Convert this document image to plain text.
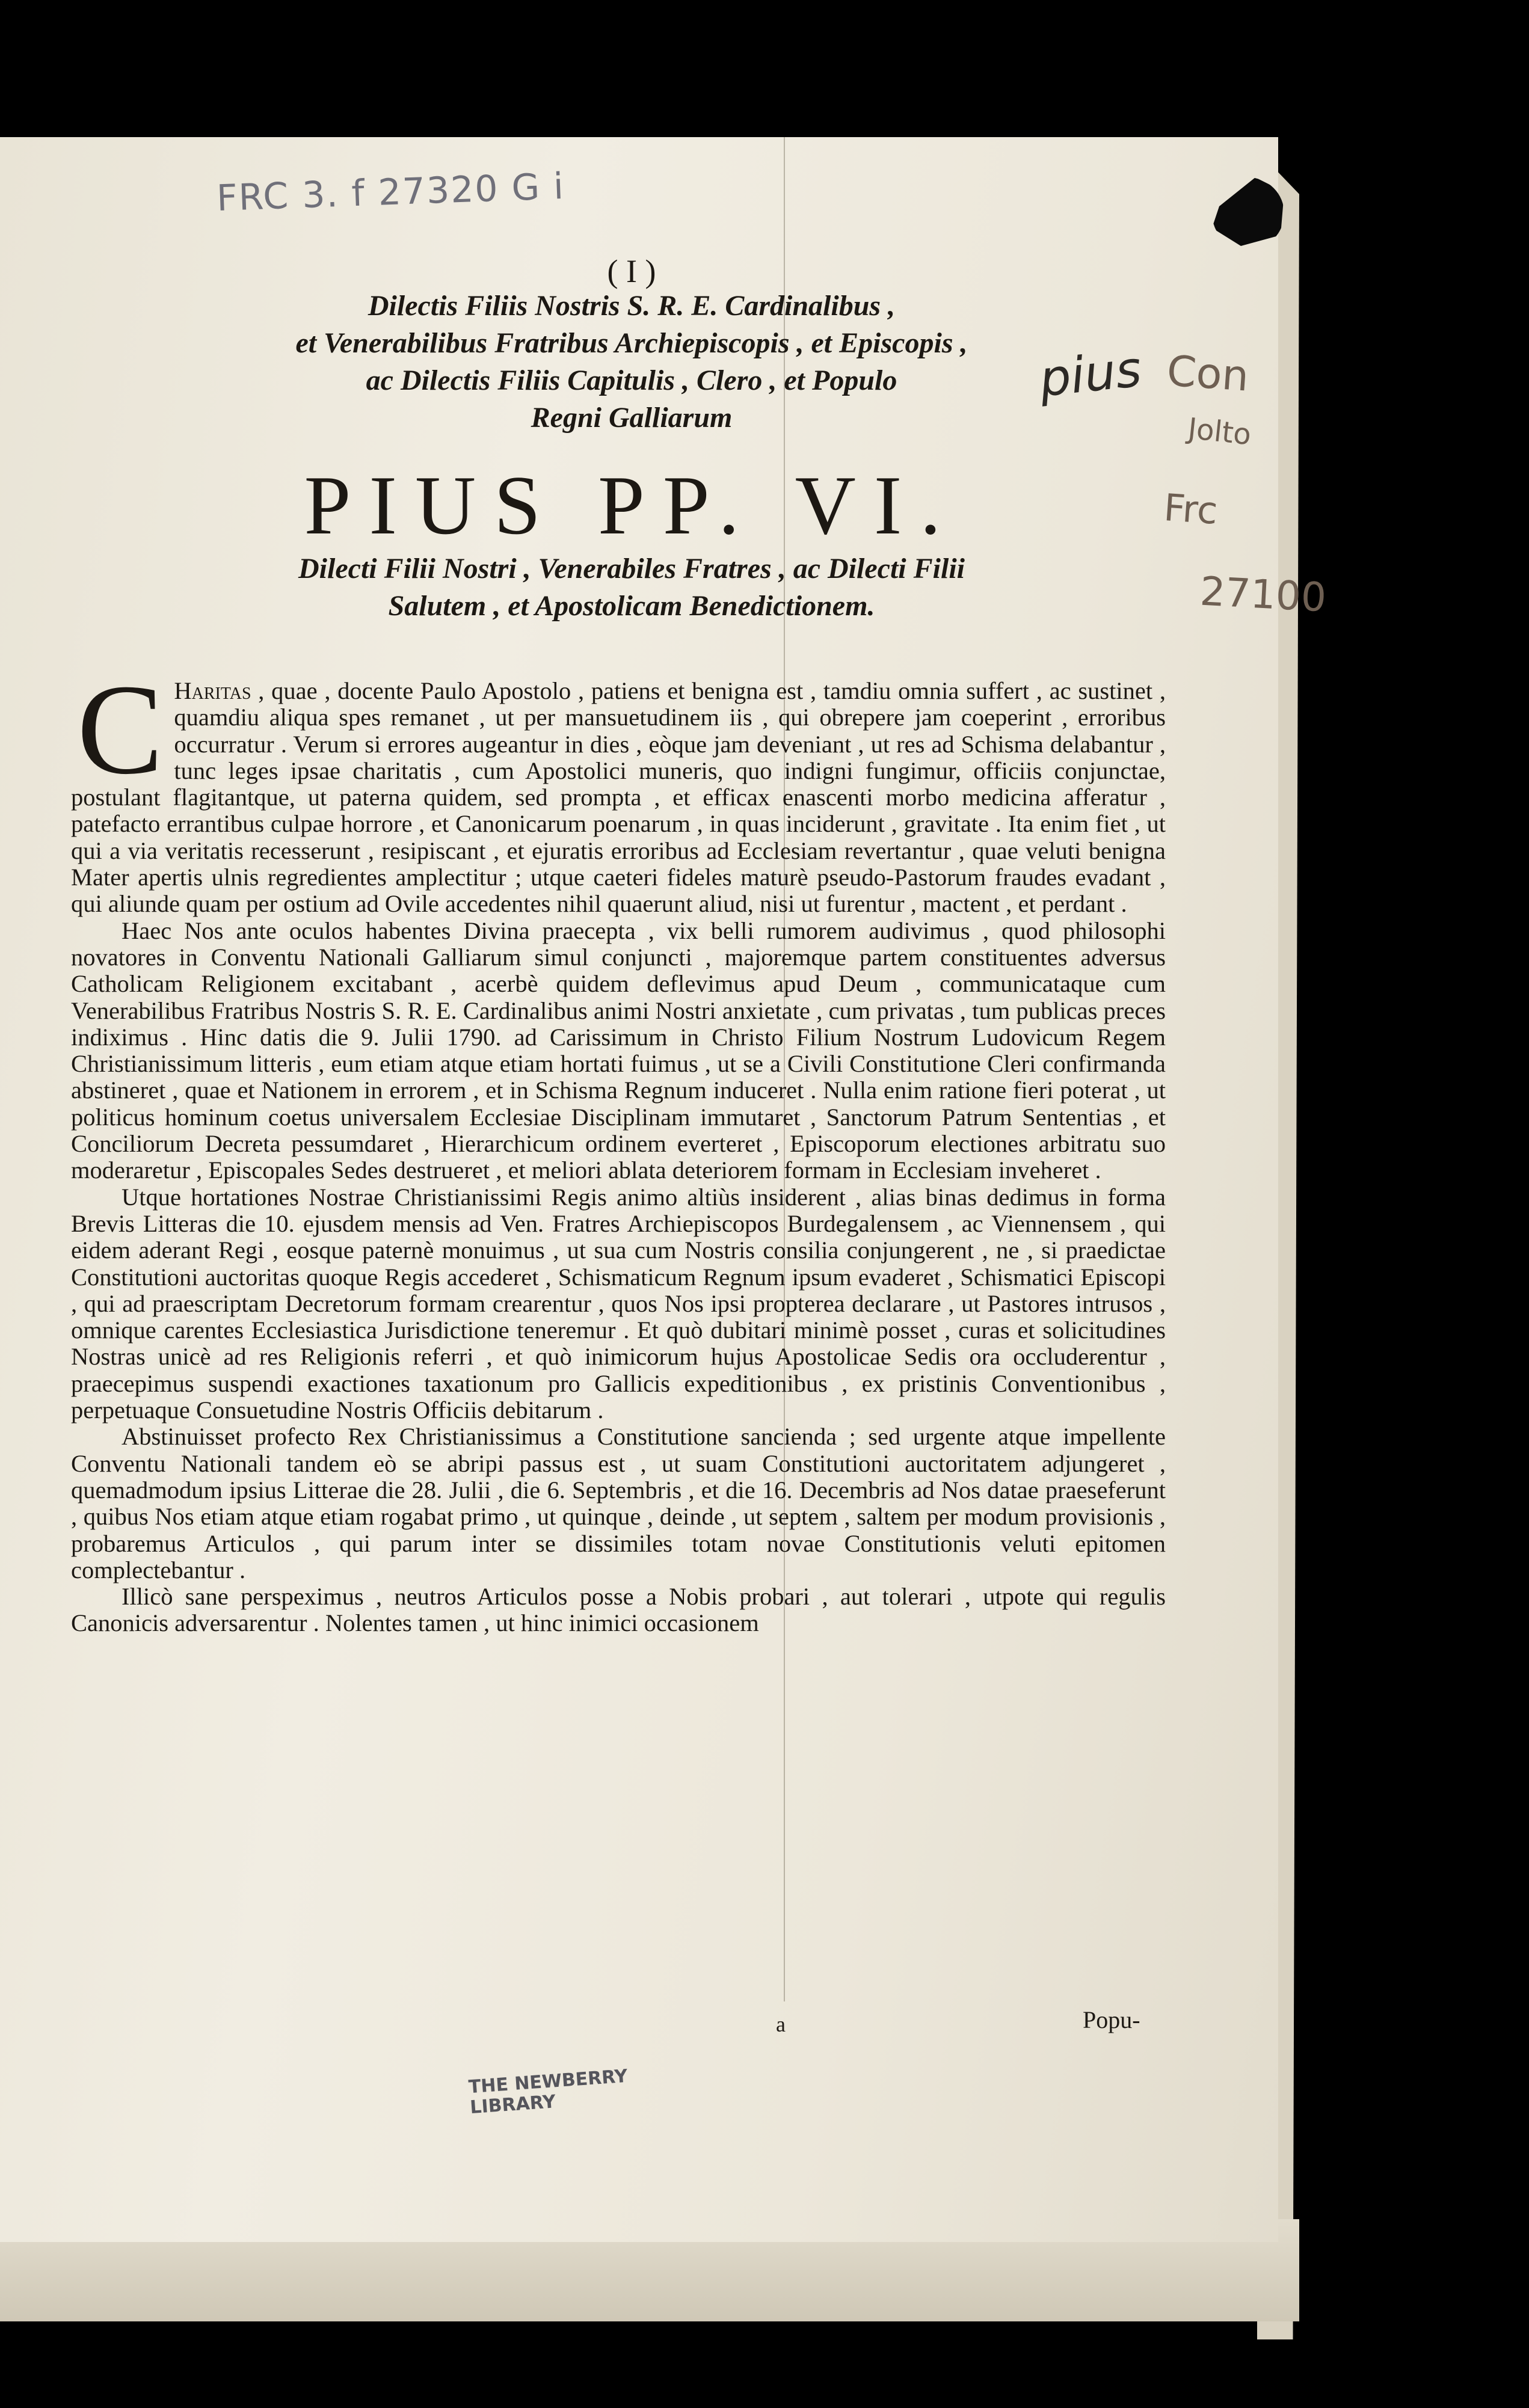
FRC 3. f 27320 G i
pius Con
Jolto
Frc
27100
( I )
Dilectis Filiis Nostris S. R. E. Cardinalibus ,
et Venerabilibus Fratribus Archiepiscopis , et Episcopis ,
ac Dilectis Filiis Capitulis , Clero , et Populo
Regni Galliarum
PIUS PP. VI.
Dilecti Filii Nostri , Venerabiles Fratres , ac Dilecti Filii
Salutem , et Apostolicam Benedictionem.

C Haritas , quae , docente Paulo Apostolo , patiens et benigna est , tamdiu omnia suffert , ac sustinet , quamdiu aliqua spes remanet , ut per mansuetudinem iis , qui obrepere jam coeperint , erroribus occurratur . Verum si errores augeantur in dies , eòque jam deveniant , ut res ad Schisma delabantur , tunc leges ipsae charitatis , cum Apostolici muneris, quo indigni fungimur, officiis conjunctae, postulant flagitantque, ut paterna quidem, sed prompta , et efficax enascenti morbo medicina afferatur , patefacto errantibus culpae horrore , et Canonicarum poenarum , in quas inciderunt , gravitate . Ita enim fiet , ut qui a via veritatis recesserunt , resipiscant , et ejuratis erroribus ad Ecclesiam revertantur , quae veluti benigna Mater apertis ulnis regredientes amplectitur ; utque caeteri fideles maturè pseudo-Pastorum fraudes evadant , qui aliunde quam per ostium ad Ovile accedentes nihil quaerunt aliud, nisi ut furentur , mactent , et perdant .

Haec Nos ante oculos habentes Divina praecepta , vix belli rumorem audivimus , quod philosophi novatores in Conventu Nationali Galliarum simul conjuncti , majoremque partem constituentes adversus Catholicam Religionem excitabant , acerbè quidem deflevimus apud Deum , communicataque cum Venerabilibus Fratribus Nostris S. R. E. Cardinalibus animi Nostri anxietate , cum privatas , tum publicas preces indiximus . Hinc datis die 9. Julii 1790. ad Carissimum in Christo Filium Nostrum Ludovicum Regem Christianissimum litteris , eum etiam atque etiam hortati fuimus , ut se a Civili Constitutione Cleri confirmanda abstineret , quae et Nationem in errorem , et in Schisma Regnum induceret . Nulla enim ratione fieri poterat , ut politicus hominum coetus universalem Ecclesiae Disciplinam immutaret , Sanctorum Patrum Sententias , et Conciliorum Decreta pessumdaret , Hierarchicum ordinem everteret , Episcoporum electiones arbitratu suo moderaretur , Episcopales Sedes destrueret , et meliori ablata deteriorem formam in Ecclesiam inveheret .

Utque hortationes Nostrae Christianissimi Regis animo altiùs insiderent , alias binas dedimus in forma Brevis Litteras die 10. ejusdem mensis ad Ven. Fratres Archiepiscopos Burdegalensem , ac Viennensem , qui eidem aderant Regi , eosque paternè monuimus , ut sua cum Nostris consilia conjungerent , ne , si praedictae Constitutioni auctoritas quoque Regis accederet , Schismaticum Regnum ipsum evaderet , Schismatici Episcopi , qui ad praescriptam Decretorum formam crearentur , quos Nos ipsi propterea declarare , ut Pastores intrusos , omnique carentes Ecclesiastica Jurisdictione teneremur . Et quò dubitari minimè posset , curas et solicitudines Nostras unicè ad res Religionis referri , et quò inimicorum hujus Apostolicae Sedis ora occluderentur , praecepimus suspendi exactiones taxationum pro Gallicis expeditionibus , ex pristinis Conventionibus , perpetuaque Consuetudine Nostris Officiis debitarum .

Abstinuisset profecto Rex Christianissimus a Constitutione sancienda ; sed urgente atque impellente Conventu Nationali tandem eò se abripi passus est , ut suam Constitutioni auctoritatem adjungeret , quemadmodum ipsius Litterae die 28. Julii , die 6. Septembris , et die 16. Decembris ad Nos datae praeseferunt , quibus Nos etiam atque etiam rogabat primo , ut quinque , deinde , ut septem , saltem per modum provisionis , probaremus Articulos , qui parum inter se dissimiles totam novae Constitutionis veluti epitomen complectebantur .

Illicò sane perspeximus , neutros Articulos posse a Nobis probari , aut tolerari , utpote qui regulis Canonicis adversarentur . Nolentes tamen , ut hinc inimici occasionem

a	Popu-
THE NEWBERRY
LIBRARY
